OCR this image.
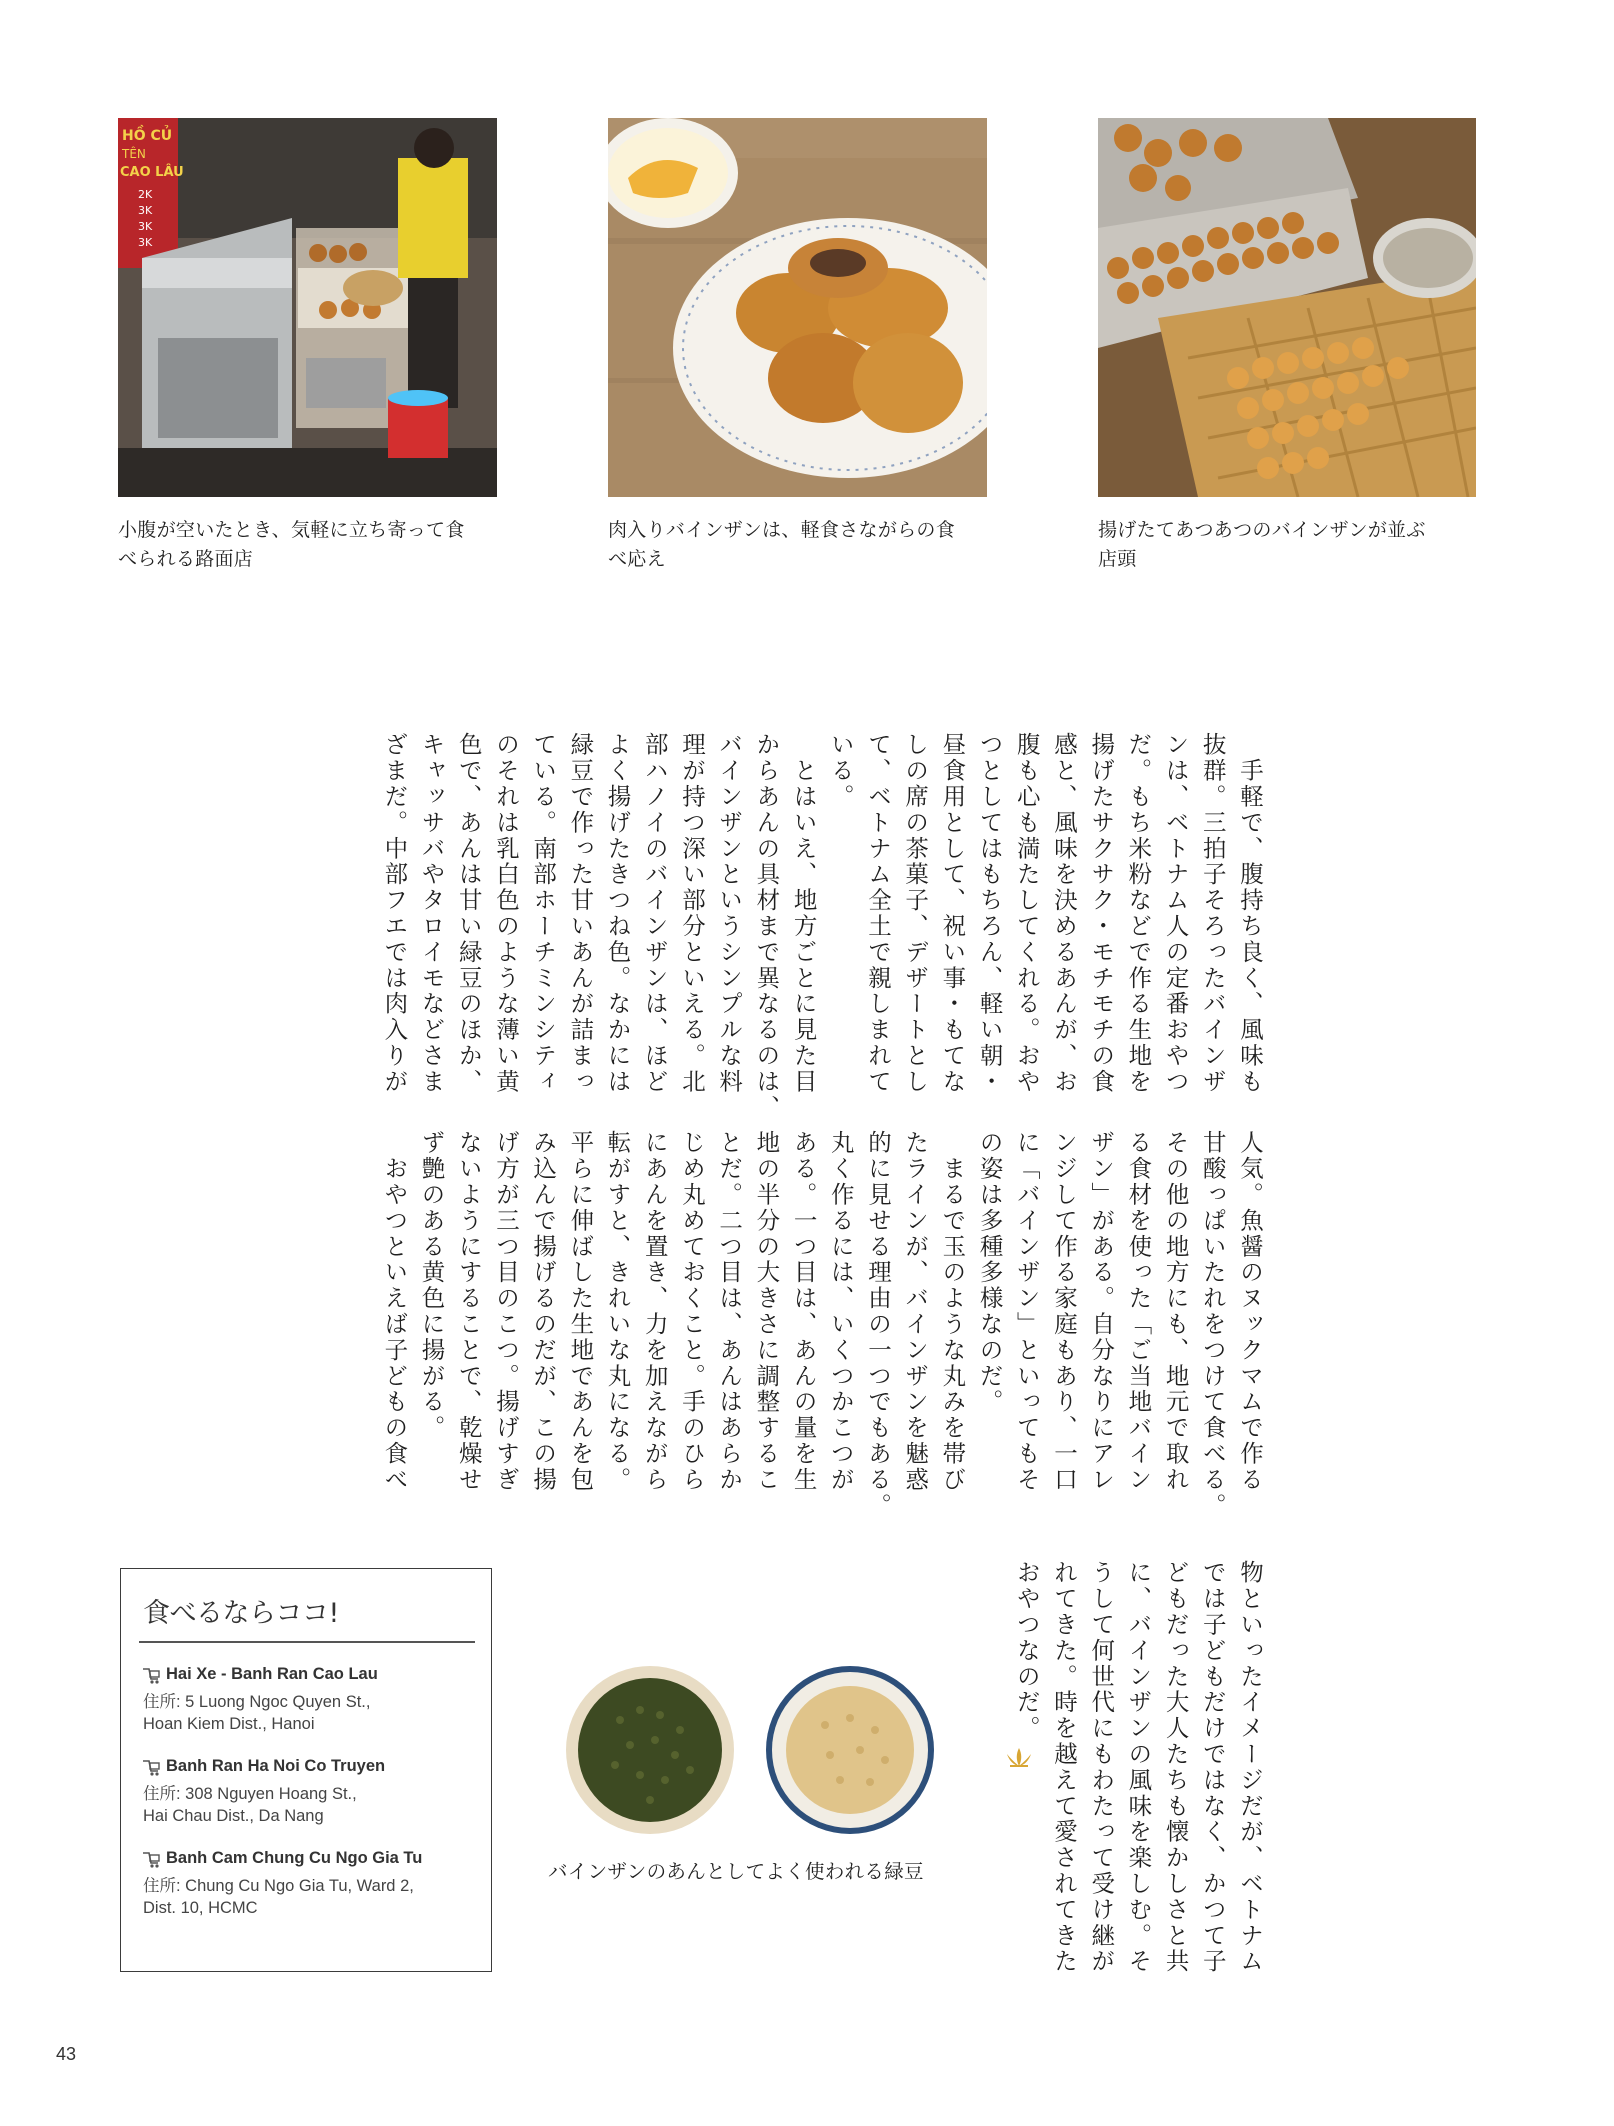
HỒ CỦ
TÊN
CAO LÂU
2K
3K
3K
3K
小腹が空いたとき、気軽に立ち寄って食
べられる路面店
肉入りバインザンは、軽食さながらの食
べ応え
揚げたてあつあつのバインザンが並ぶ
店頭
　手軽で、腹持ち良く、風味も
抜群。三拍子そろったバインザ
ンは、ベトナム人の定番おやつ
だ。もち米粉などで作る生地を
揚げたサクサク・モチモチの食
感と、風味を決めるあんが、お
腹も心も満たしてくれる。おや
つとしてはもちろん、軽い朝・
昼食用として、祝い事・もてな
しの席の茶菓子、デザートとし
て、ベトナム全土で親しまれて
いる。
　とはいえ、地方ごとに見た目
からあんの具材まで異なるのは、
バインザンというシンプルな料
理が持つ深い部分といえる。北
部ハノイのバインザンは、ほど
よく揚げたきつね色。なかには
緑豆で作った甘いあんが詰まっ
ている。南部ホーチミンシティ
のそれは乳白色のような薄い黄
色で、あんは甘い緑豆のほか、
キャッサバやタロイモなどさま
ざまだ。中部フエでは肉入りが
人気。魚醤のヌックマムで作る
甘酸っぱいたれをつけて食べる。
その他の地方にも、地元で取れ
る食材を使った「ご当地バイン
ザン」がある。自分なりにアレ
ンジして作る家庭もあり、一口
に「バインザン」といってもそ
の姿は多種多様なのだ。
　まるで玉のような丸みを帯び
たラインが、バインザンを魅惑
的に見せる理由の一つでもある。
丸く作るには、いくつかこつが
ある。一つ目は、あんの量を生
地の半分の大きさに調整するこ
とだ。二つ目は、あんはあらか
じめ丸めておくこと。手のひら
にあんを置き、力を加えながら
転がすと、きれいな丸になる。
平らに伸ばした生地であんを包
み込んで揚げるのだが、この揚
げ方が三つ目のこつ。揚げすぎ
ないようにすることで、乾燥せ
ず艶のある黄色に揚がる。
　おやつといえば子どもの食べ
物といったイメージだが、ベトナム
では子どもだけではなく、かつて子
どもだった大人たちも懐かしさと共
に、バインザンの風味を楽しむ。そ
うして何世代にもわたって受け継が
れてきた。時を越えて愛されてきた
おやつなのだ。
食べるならココ!
Hai Xe - Banh Ran Cao Lau
住所: 5 Luong Ngoc Quyen St.,
Hoan Kiem Dist., Hanoi
Banh Ran Ha Noi Co Truyen
住所: 308 Nguyen Hoang St.,
Hai Chau Dist., Da Nang
Banh Cam Chung Cu Ngo Gia Tu
住所: Chung Cu Ngo Gia Tu, Ward 2,
Dist. 10, HCMC
バインザンのあんとしてよく使われる緑豆
43
